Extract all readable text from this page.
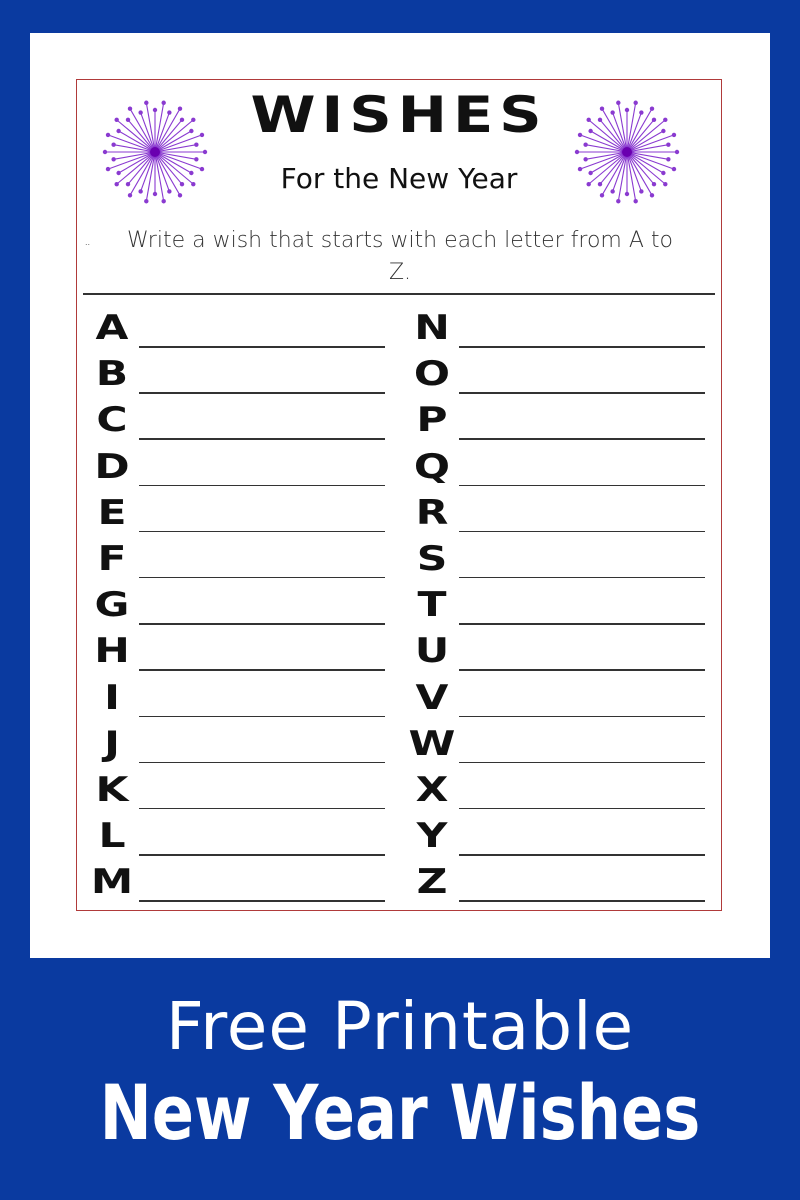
WISHES
For the New Year
..	Write a wish that starts with each letter from A to Z.
A
B
C
D
E
F
G
H
I
J
K
L
M
N
O
P
Q
R
S
T
U
V
W
X
Y
Z
Free Printable
New Year Wishes
